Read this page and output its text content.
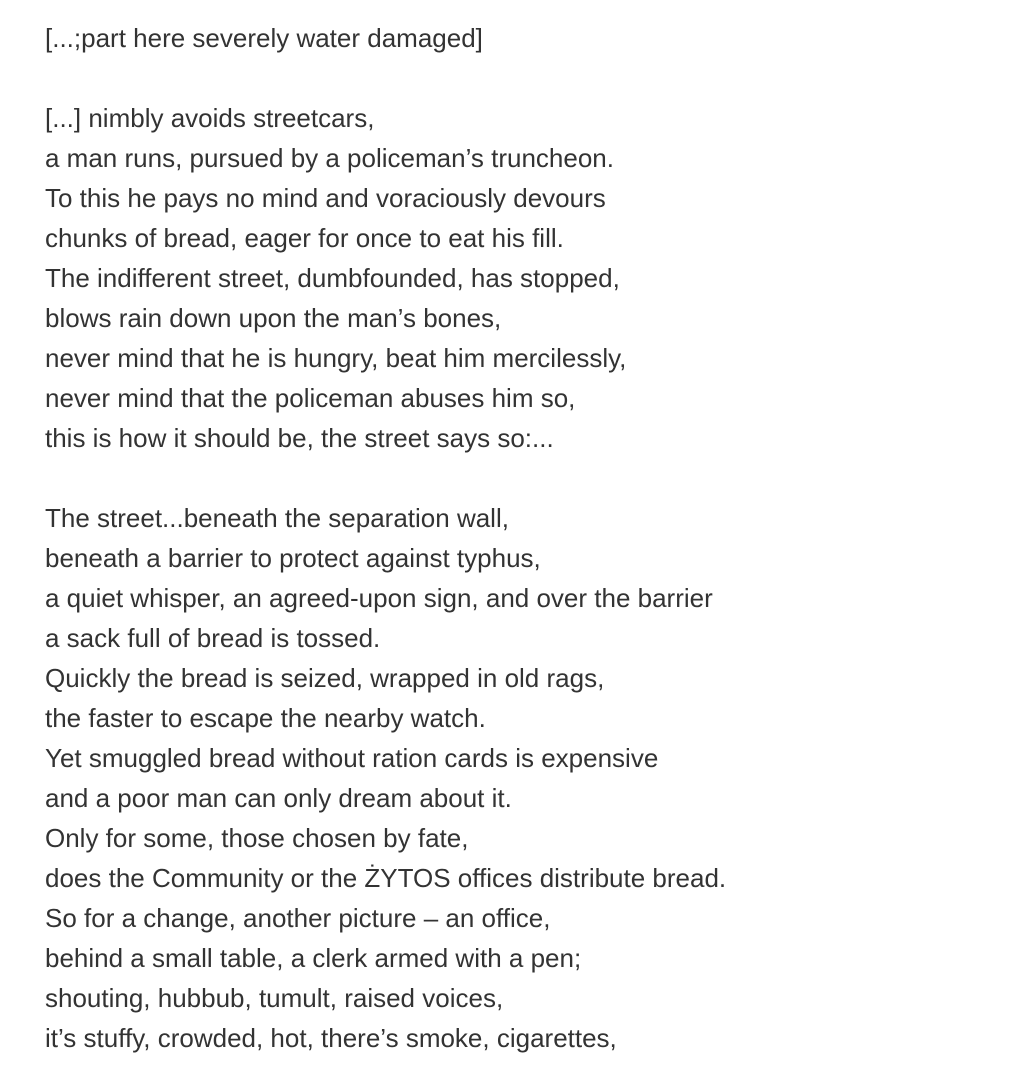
[...;part here severely water damaged]
[...] nimbly avoids streetcars,
a man runs, pursued by a policeman’s truncheon.
To this he pays no mind and voraciously devours
chunks of bread, eager for once to eat his fill.
The indifferent street, dumbfounded, has stopped,
blows rain down upon the man’s bones,
never mind that he is hungry, beat him mercilessly,
never mind that the policeman abuses him so,
this is how it should be, the street says so:...
The street...beneath the separation wall,
beneath a barrier to protect against typhus,
a quiet whisper, an agreed-upon sign, and over the barrier
a sack full of bread is tossed.
Quickly the bread is seized, wrapped in old rags,
the faster to escape the nearby watch.
Yet smuggled bread without ration cards is expensive
and a poor man can only dream about it.
Only for some, those chosen by fate,
does the Community or the ŻYTOS offices distribute bread.
So for a change, another picture – an office,
behind a small table, a clerk armed with a pen;
shouting, hubbub, tumult, raised voices,
it’s stuffy, crowded, hot, there’s smoke, cigarettes,
